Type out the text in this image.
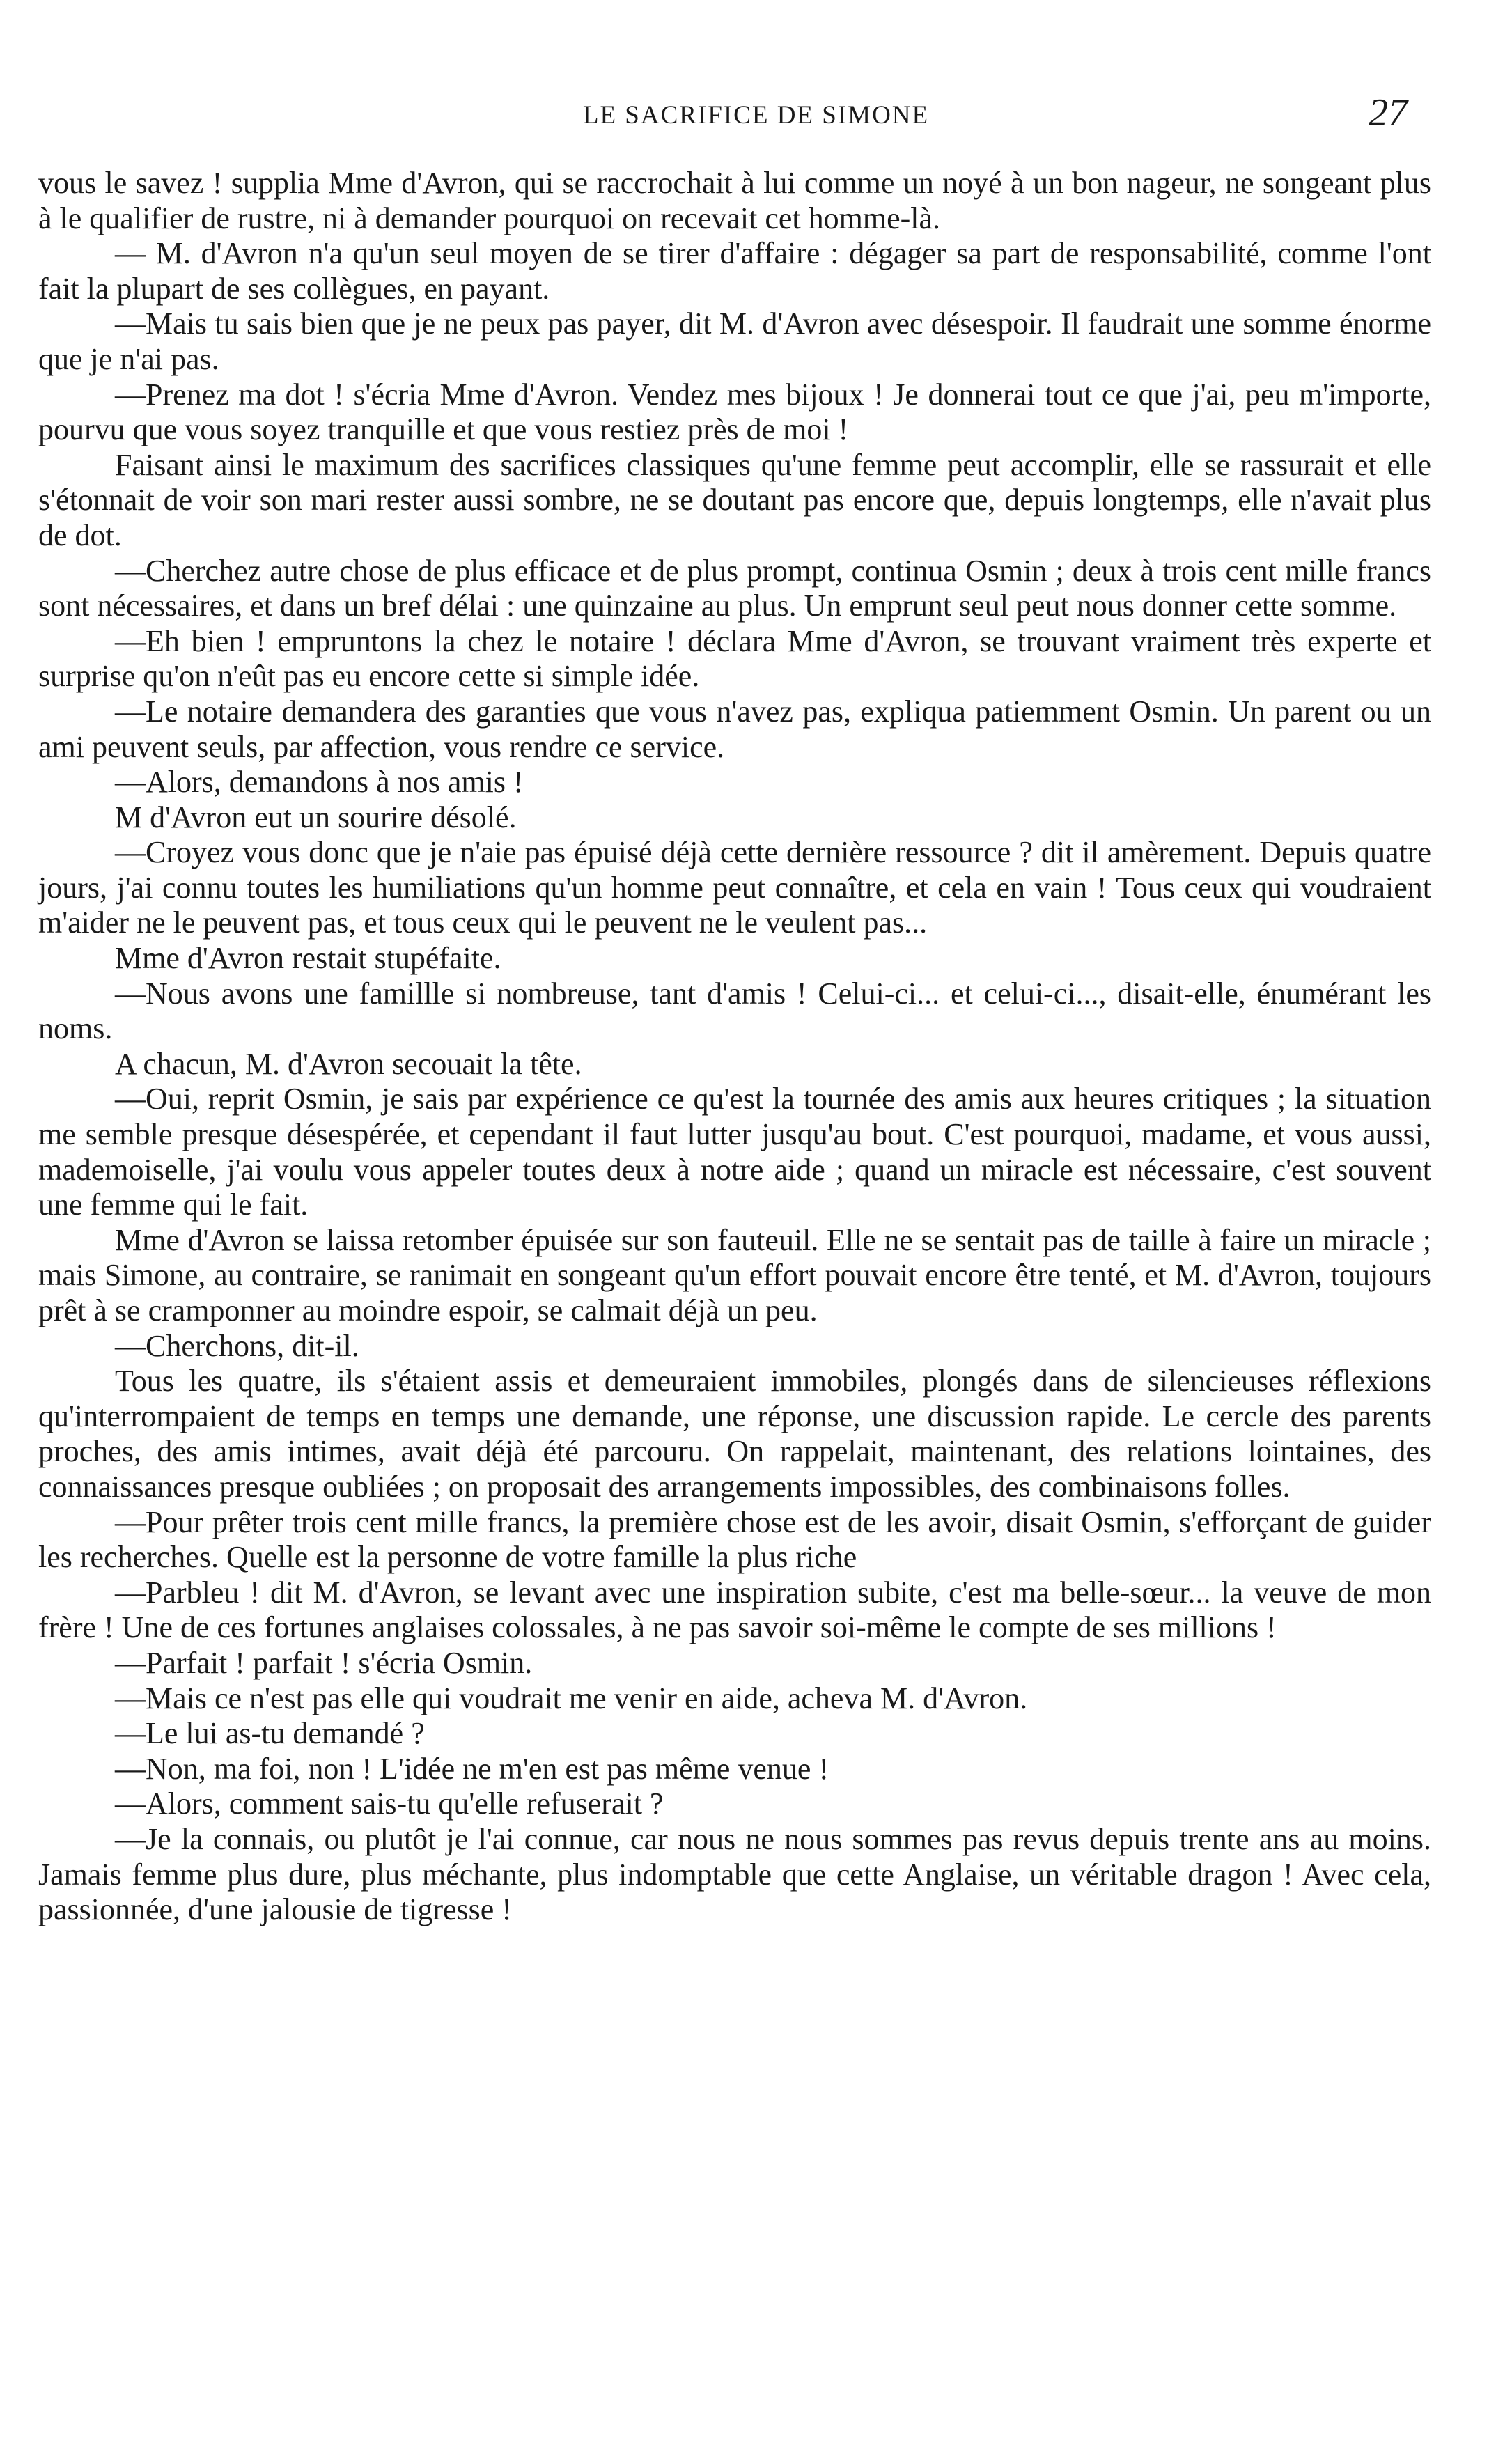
LE SACRIFICE DE SIMONE	27

vous le savez ! supplia Mme d'Avron, qui se raccrochait à lui comme un noyé à un bon nageur, ne songeant plus à le qualifier de rustre, ni à demander pourquoi on recevait cet homme-là.

— M. d'Avron n'a qu'un seul moyen de se tirer d'affaire : dégager sa part de responsabilité, comme l'ont fait la plupart de ses collègues, en payant.

—Mais tu sais bien que je ne peux pas payer, dit M. d'Avron avec désespoir. Il faudrait une somme énorme que je n'ai pas.

—Prenez ma dot ! s'écria Mme d'Avron. Vendez mes bijoux ! Je donnerai tout ce que j'ai, peu m'importe, pourvu que vous soyez tranquille et que vous restiez près de moi !

Faisant ainsi le maximum des sacrifices classiques qu'une femme peut accomplir, elle se rassurait et elle s'étonnait de voir son mari rester aussi sombre, ne se doutant pas encore que, depuis longtemps, elle n'avait plus de dot.

—Cherchez autre chose de plus efficace et de plus prompt, continua Osmin ; deux à trois cent mille francs sont nécessaires, et dans un bref délai : une quinzaine au plus. Un emprunt seul peut nous donner cette somme.

—Eh bien ! empruntons la chez le notaire ! déclara Mme d'Avron, se trouvant vraiment très experte et surprise qu'on n'eût pas eu encore cette si simple idée.

—Le notaire demandera des garanties que vous n'avez pas, expliqua patiemment Osmin. Un parent ou un ami peuvent seuls, par affection, vous rendre ce service.

—Alors, demandons à nos amis !

M d'Avron eut un sourire désolé.

—Croyez vous donc que je n'aie pas épuisé déjà cette dernière ressource ? dit il amèrement. Depuis quatre jours, j'ai connu toutes les humiliations qu'un homme peut connaître, et cela en vain ! Tous ceux qui voudraient m'aider ne le peuvent pas, et tous ceux qui le peuvent ne le veulent pas...

Mme d'Avron restait stupéfaite.

—Nous avons une famillle si nombreuse, tant d'amis ! Celui-ci... et celui-ci..., disait-elle, énumérant les noms.

A chacun, M. d'Avron secouait la tête.

—Oui, reprit Osmin, je sais par expérience ce qu'est la tournée des amis aux heures critiques ; la situation me semble presque désespérée, et cependant il faut lutter jusqu'au bout. C'est pourquoi, madame, et vous aussi, mademoiselle, j'ai voulu vous appeler toutes deux à notre aide ; quand un miracle est nécessaire, c'est souvent une femme qui le fait.

Mme d'Avron se laissa retomber épuisée sur son fauteuil. Elle ne se sentait pas de taille à faire un miracle ; mais Simone, au contraire, se ranimait en songeant qu'un effort pouvait encore être tenté, et M. d'Avron, toujours prêt à se cramponner au moindre espoir, se calmait déjà un peu.

—Cherchons, dit-il.

Tous les quatre, ils s'étaient assis et demeuraient immobiles, plongés dans de silencieuses réflexions qu'interrompaient de temps en temps une demande, une réponse, une discussion rapide. Le cercle des parents proches, des amis intimes, avait déjà été parcouru. On rappelait, maintenant, des relations lointaines, des connaissances presque oubliées ; on proposait des arrangements impossibles, des combinaisons folles.

—Pour prêter trois cent mille francs, la première chose est de les avoir, disait Osmin, s'efforçant de guider les recherches. Quelle est la personne de votre famille la plus riche

—Parbleu ! dit M. d'Avron, se levant avec une inspiration subite, c'est ma belle-sœur... la veuve de mon frère ! Une de ces fortunes anglaises colossales, à ne pas savoir soi-même le compte de ses millions !

—Parfait ! parfait ! s'écria Osmin.

—Mais ce n'est pas elle qui voudrait me venir en aide, acheva M. d'Avron.

—Le lui as-tu demandé ?

—Non, ma foi, non ! L'idée ne m'en est pas même venue !

—Alors, comment sais-tu qu'elle refuserait ?

—Je la connais, ou plutôt je l'ai connue, car nous ne nous sommes pas revus depuis trente ans au moins. Jamais femme plus dure, plus méchante, plus indomptable que cette Anglaise, un véritable dragon ! Avec cela, passionnée, d'une jalousie de tigresse !
